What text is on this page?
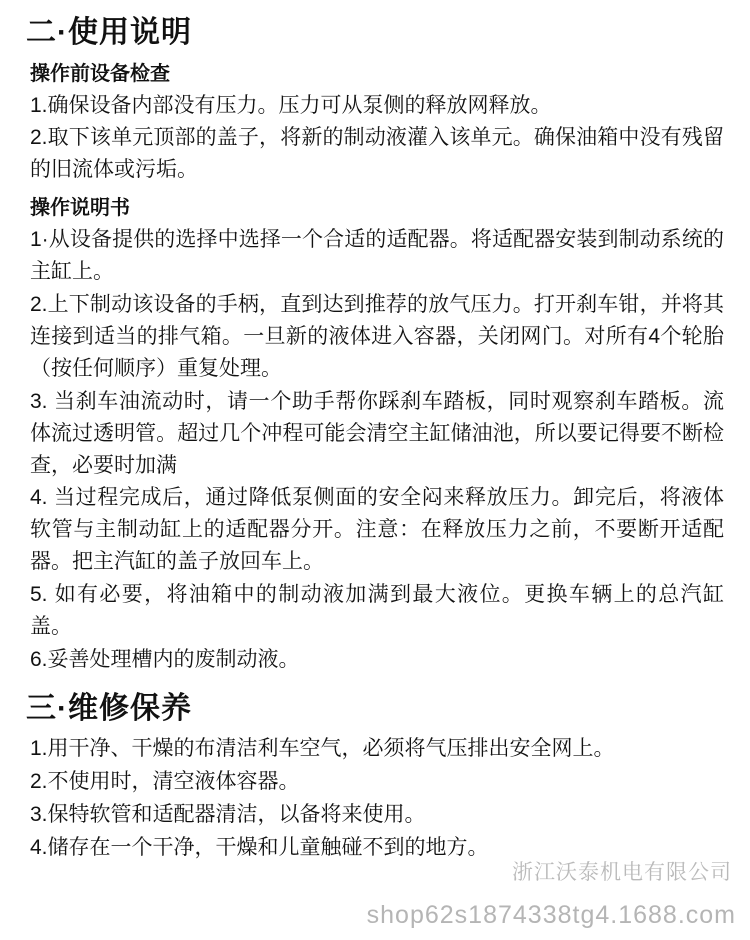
二·使用说明
操作前设备检查

1.确保设备内部没有压力。压力可从泵侧的释放网释放。

2.取下该单元顶部的盖子，将新的制动液灌入该单元。确保油箱中没有残留的旧流体或污垢。

操作说明书

1·从设备提供的选择中选择一个合适的适配器。将适配器安装到制动系统的主缸上。

2.上下制动该设备的手柄，直到达到推荐的放气压力。打开刹车钳，并将其连接到适当的排气箱。一旦新的液体进入容器，关闭网门。对所有4个轮胎（按任何顺序）重复处理。

3. 当刹车油流动时，请一个助手帮你踩刹车踏板，同时观察刹车踏板。流体流过透明管。超过几个冲程可能会清空主缸储油池，所以要记得要不断检查，必要时加满

4. 当过程完成后，通过降低泵侧面的安全闷来释放压力。卸完后，将液体软管与主制动缸上的适配器分开。注意：在释放压力之前，不要断开适配器。把主汽缸的盖子放回车上。

5. 如有必要，将油箱中的制动液加满到最大液位。更换车辆上的总汽缸盖。

6.妥善处理槽内的废制动液。

三·维修保养

1.用干净、干燥的布清洁利车空气，必须将气压排出安全网上。

2.不使用时，清空液体容器。

3.保特软管和适配器清洁，以备将来使用。

4.储存在一个干净，干燥和儿童触碰不到的地方。

浙江沃泰机电有限公司
shop62s1874338tg4.1688.com
